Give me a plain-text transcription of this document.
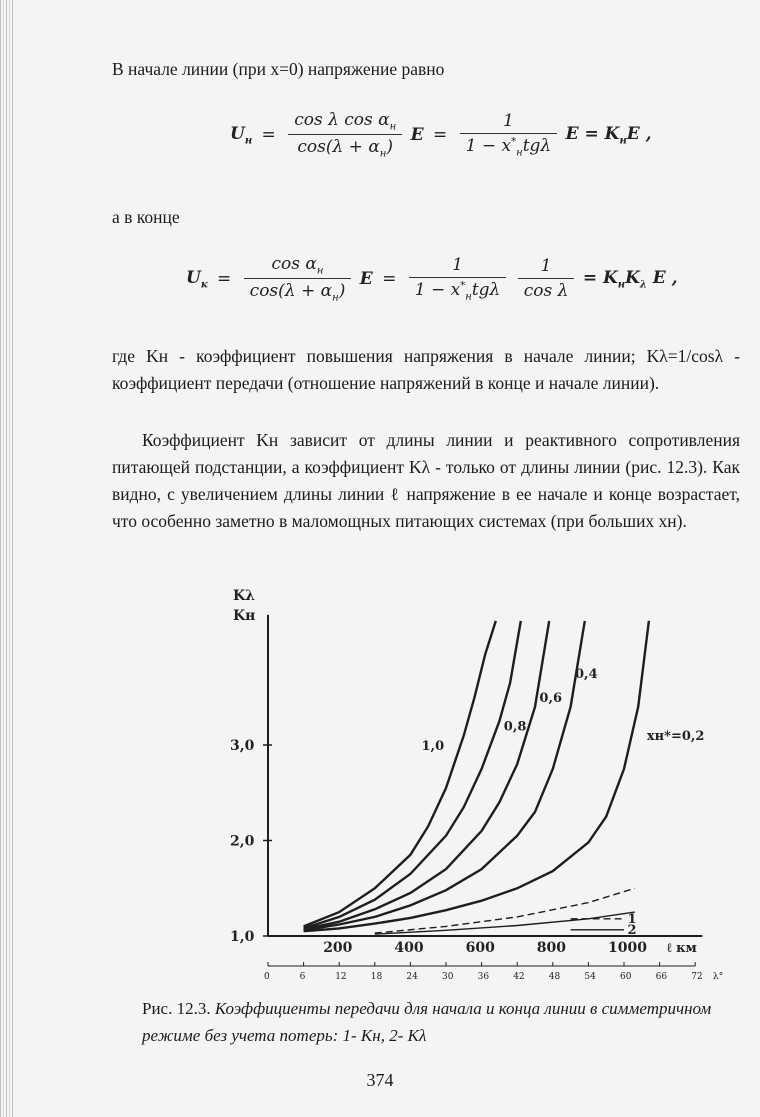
В начале линии (при x=0) напряжение равно
$U_н = \frac{\cos \lambda \cos \alpha_н}{\cos(\lambda + \alpha_н)}$ $E = \frac{1}{1 - x^*_нtg\lambda}$ $E = K_нE$ ,
а в конце
$U_к = \frac{\cos \alpha_н}{\cos(\lambda + \alpha_н)}$ $E = \frac{1}{1 - x^*_нtg\lambda}$
$\frac{1}{\text{cos λ}} = K_нK_\lambda$ E ,
где Kн - коэффициент повышения напряжения в начале линии; Kλ=1/cosλ - коэффициент передачи (отношение напряжений в конце и начале линии).
Коэффициент Kн зависит от длины линии и реактивного сопротивления питающей подстанции, а коэффициент Kλ - только от длины линии (рис. 12.3). Как видно, с увеличением длины линии ℓ напряжение в ее начале и конце возрастает, что особенно заметно в маломощных питающих системах (при больших xн).
1,0
2,0
3,0
Kλ
Kн
200	400	600	800	1000 ℓ км
0	6	12	18	24	30	36	42	48	54	60	66	72 λ°
1,0
0,8
0,6
0,4
xн*=0,2
1
2
Рис. 12.3. Коэффициенты передачи для начала и конца линии в симметричном режиме без учета потерь: 1- Kн, 2- Kλ
374
